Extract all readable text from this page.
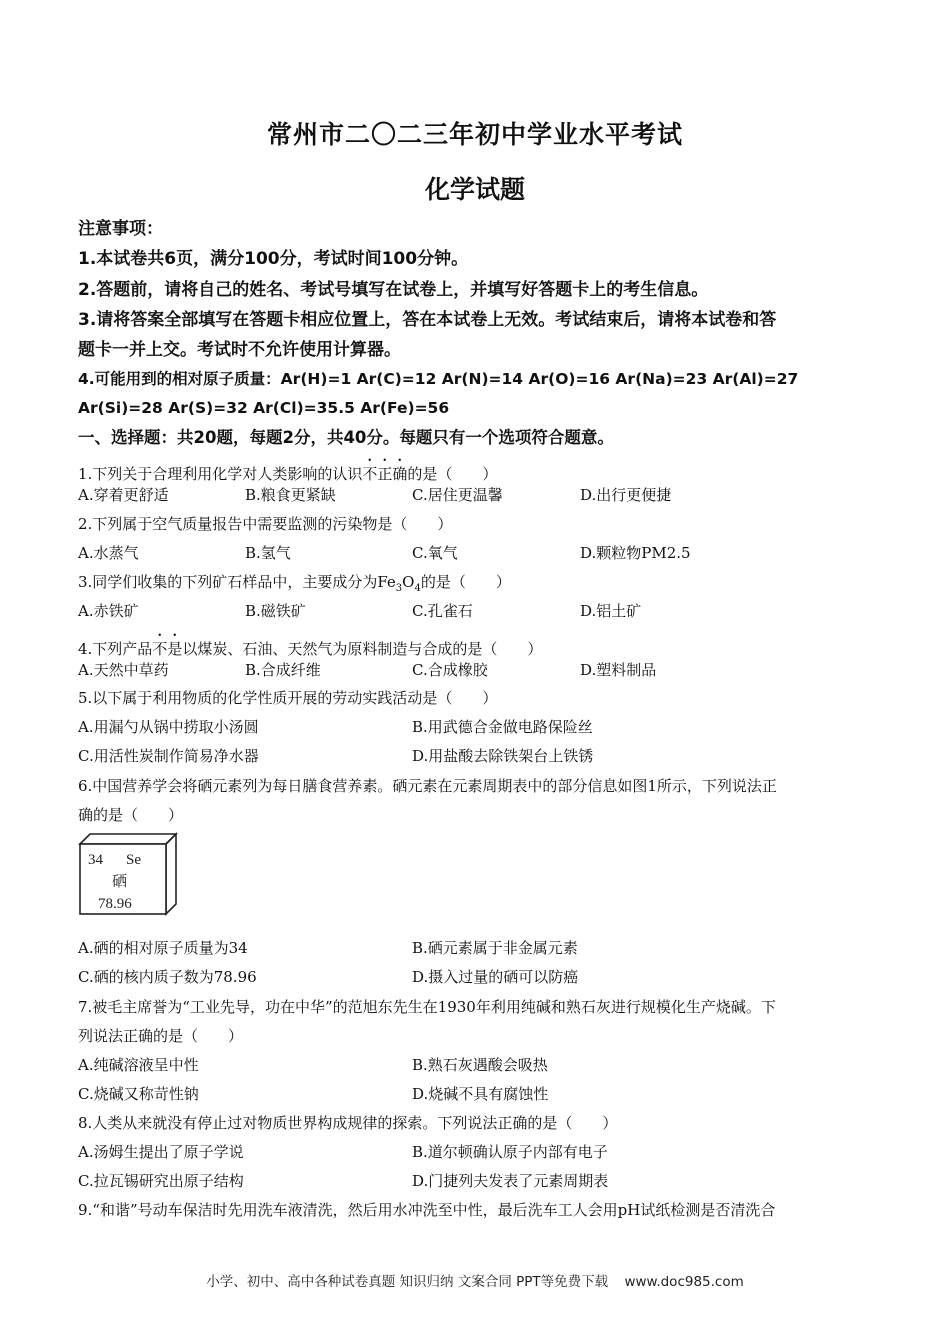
常州市二〇二三年初中学业水平考试
化学试题
注意事项：
1.本试卷共6页，满分100分，考试时间100分钟。
2.答题前，请将自己的姓名、考试号填写在试卷上，并填写好答题卡上的考生信息。
3.请将答案全部填写在答题卡相应位置上，答在本试卷上无效。考试结束后，请将本试卷和答
题卡一并上交。考试时不允许使用计算器。
4.可能用到的相对原子质量：Ar(H)=1 Ar(C)=12 Ar(N)=14 Ar(O)=16 Ar(Na)=23 Ar(Al)=27
Ar(Si)=28 Ar(S)=32 Ar(Cl)=35.5 Ar(Fe)=56
一、选择题：共20题，每题2分，共40分。每题只有一个选项符合题意。
1.下列关于合理利用化学对人类影响的认识不正确的是（　　）
A.穿着更舒适	B.粮食更紧缺	C.居住更温馨	D.出行更便捷
2.下列属于空气质量报告中需要监测的污染物是（　　）
A.水蒸气	B.氢气	C.氧气	D.颗粒物PM2.5
3.同学们收集的下列矿石样品中，主要成分为$Fe_3O_4$的是（　　）
A.赤铁矿	B.磁铁矿	C.孔雀石	D.铝土矿
4.下列产品不是以煤炭、石油、天然气为原料制造与合成的是（　　）
A.天然中草药	B.合成纤维	C.合成橡胶	D.塑料制品
5.以下属于利用物质的化学性质开展的劳动实践活动是（　　）
A.用漏勺从锅中捞取小汤圆	B.用武德合金做电路保险丝
C.用活性炭制作简易净水器	D.用盐酸去除铁架台上铁锈
6.中国营养学会将硒元素列为每日膳食营养素。硒元素在元素周期表中的部分信息如图1所示，下列说法正
确的是（　　）
34 Se
硒
78.96
A.硒的相对原子质量为34	B.硒元素属于非金属元素
C.硒的核内质子数为78.96	D.摄入过量的硒可以防癌
7.被毛主席誉为“工业先导，功在中华”的范旭东先生在1930年利用纯碱和熟石灰进行规模化生产烧碱。下
列说法正确的是（　　）
A.纯碱溶液呈中性	B.熟石灰遇酸会吸热
C.烧碱又称苛性钠	D.烧碱不具有腐蚀性
8.人类从来就没有停止过对物质世界构成规律的探索。下列说法正确的是（　　）
A.汤姆生提出了原子学说	B.道尔顿确认原子内部有电子
C.拉瓦锡研究出原子结构	D.门捷列夫发表了元素周期表
9.“和谐”号动车保洁时先用洗车液清洗，然后用水冲洗至中性，最后洗车工人会用pH试纸检测是否清洗合
小学、初中、高中各种试卷真题 知识归纳 文案合同 PPT等免费下载 www.doc985.com
